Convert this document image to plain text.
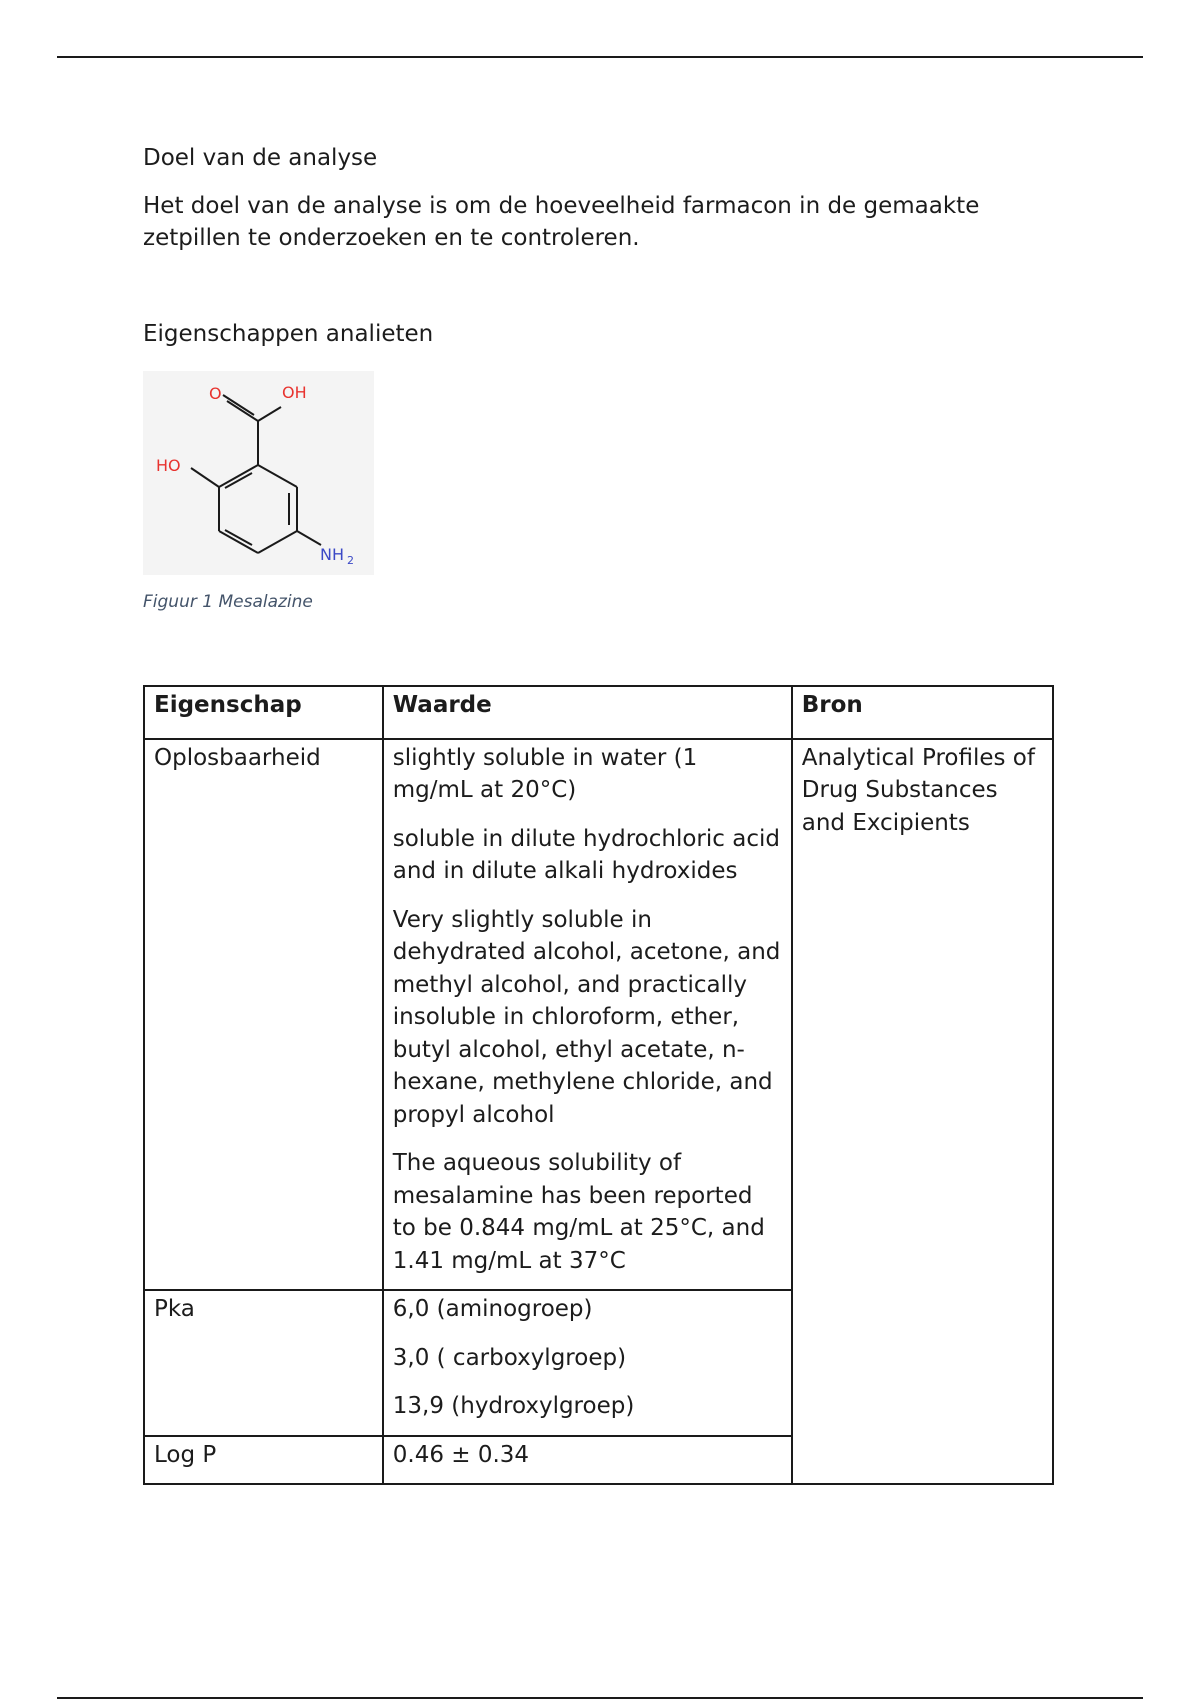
Doel van de analyse

Het doel van de analyse is om de hoeveelheid farmacon in de gemaakte zetpillen te onderzoeken en te controleren.

Eigenschappen analieten

O	OH
HO
NH 2

Figuur 1 Mesalazine

Eigenschap	Waarde	Bron
Oplosbaarheid	slightly soluble in water (1 mg/mL at 20°C)

soluble in dilute hydrochloric acid and in dilute alkali hydroxides

Very slightly soluble in dehydrated alcohol, acetone, and methyl alcohol, and practically insoluble in chloroform, ether, butyl alcohol, ethyl acetate, n-hexane, methylene chloride, and propyl alcohol

The aqueous solubility of mesalamine has been reported to be 0.844 mg/mL at 25°C, and 1.41 mg/mL at 37°C	Analytical Profiles of Drug Substances and Excipients
Pka	6,0 (aminogroep)

3,0 ( carboxylgroep)

13,9 (hydroxylgroep)	

Log P	0.46 ± 0.34	
